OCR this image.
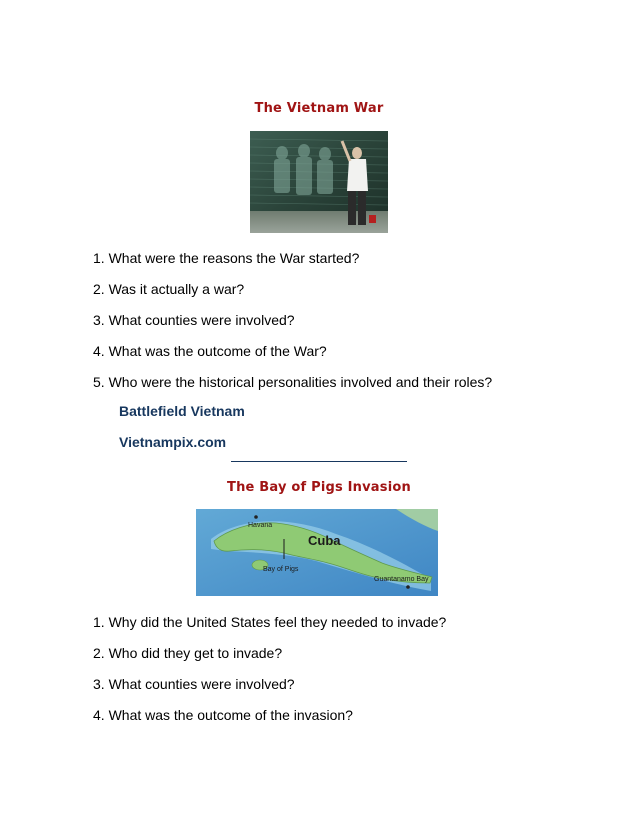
The Vietnam War
1. What were the reasons the War started?
2. Was it actually a war?
3. What counties were involved?
4. What was the outcome of the War?
5. Who were the historical personalities involved and their roles?
Battlefield Vietnam
Vietnampix.com
The Bay of Pigs Invasion
Havana
Cuba
Bay of Pigs
Guantanamo Bay
1. Why did the United States feel they needed to invade?
2. Who did they get to invade?
3. What counties were involved?
4. What was the outcome of the invasion?
